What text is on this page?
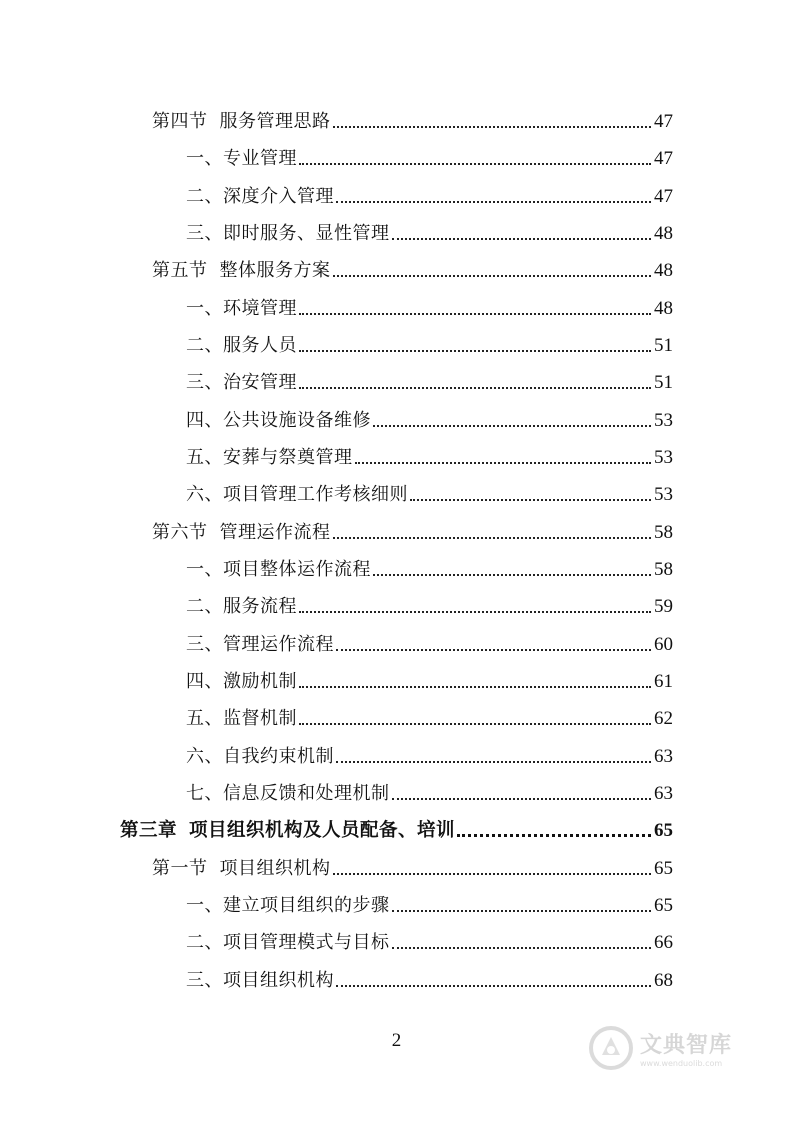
第四节 服务管理思路	47
一、专业管理	47
二、深度介入管理	47
三、即时服务、显性管理	48
第五节 整体服务方案	48
一、环境管理	48
二、服务人员	51
三、治安管理	51
四、公共设施设备维修	53
五、安葬与祭奠管理	53
六、项目管理工作考核细则	53
第六节 管理运作流程	58
一、项目整体运作流程	58
二、服务流程	59
三、管理运作流程	60
四、激励机制	61
五、监督机制	62
六、自我约束机制	63
七、信息反馈和处理机制	63
第三章 项目组织机构及人员配备、培训	65
第一节 项目组织机构	65
一、建立项目组织的步骤	65
二、项目管理模式与目标	66
三、项目组织机构	68
2	文典智库
www.wenduolib.com
